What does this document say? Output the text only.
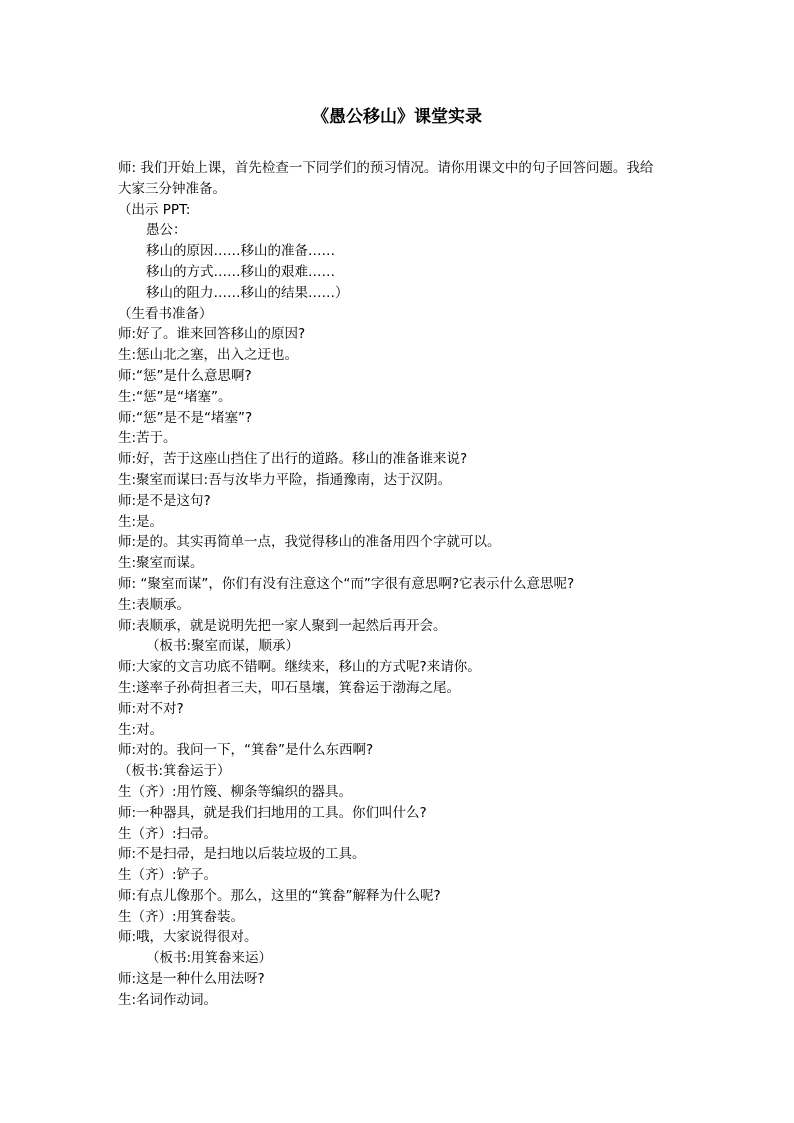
《愚公移山》课堂实录
师: 我们开始上课，首先检查一下同学们的预习情况。请你用课文中的句子回答问题。我给
大家三分钟准备。
（出示 PPT:
愚公：
移山的原因……移山的准备……
移山的方式……移山的艰难……
移山的阻力……移山的结果……）
（生看书准备）
师:好了。谁来回答移山的原因?
生:惩山北之塞，出入之迂也。
师:“惩”是什么意思啊?
生:“惩”是“堵塞”。
师:“惩”是不是“堵塞”?
生:苦于。
师:好，苦于这座山挡住了出行的道路。移山的准备谁来说?
生:聚室而谋曰:吾与汝毕力平险，指通豫南，达于汉阴。
师:是不是这句?
生:是。
师:是的。其实再简单一点，我觉得移山的准备用四个字就可以。
生:聚室而谋。
师: “聚室而谋”，你们有没有注意这个“而”字很有意思啊?它表示什么意思呢?
生:表顺承。
师:表顺承，就是说明先把一家人聚到一起然后再开会。
（板书:聚室而谋，顺承）
师:大家的文言功底不错啊。继续来，移山的方式呢?来请你。
生:遂率子孙荷担者三夫，叩石垦壤，箕畚运于渤海之尾。
师:对不对?
生:对。
师:对的。我问一下，“箕畚”是什么东西啊?
（板书:箕畚运于）
生（齐）:用竹篾、柳条等编织的器具。
师:一种器具，就是我们扫地用的工具。你们叫什么?
生（齐）:扫帚。
师:不是扫帚，是扫地以后装垃圾的工具。
生（齐）:铲子。
师:有点儿像那个。那么，这里的“箕畚”解释为什么呢?
生（齐）:用箕畚装。
师:哦，大家说得很对。
（板书:用箕畚来运）
师:这是一种什么用法呀?
生:名词作动词。
